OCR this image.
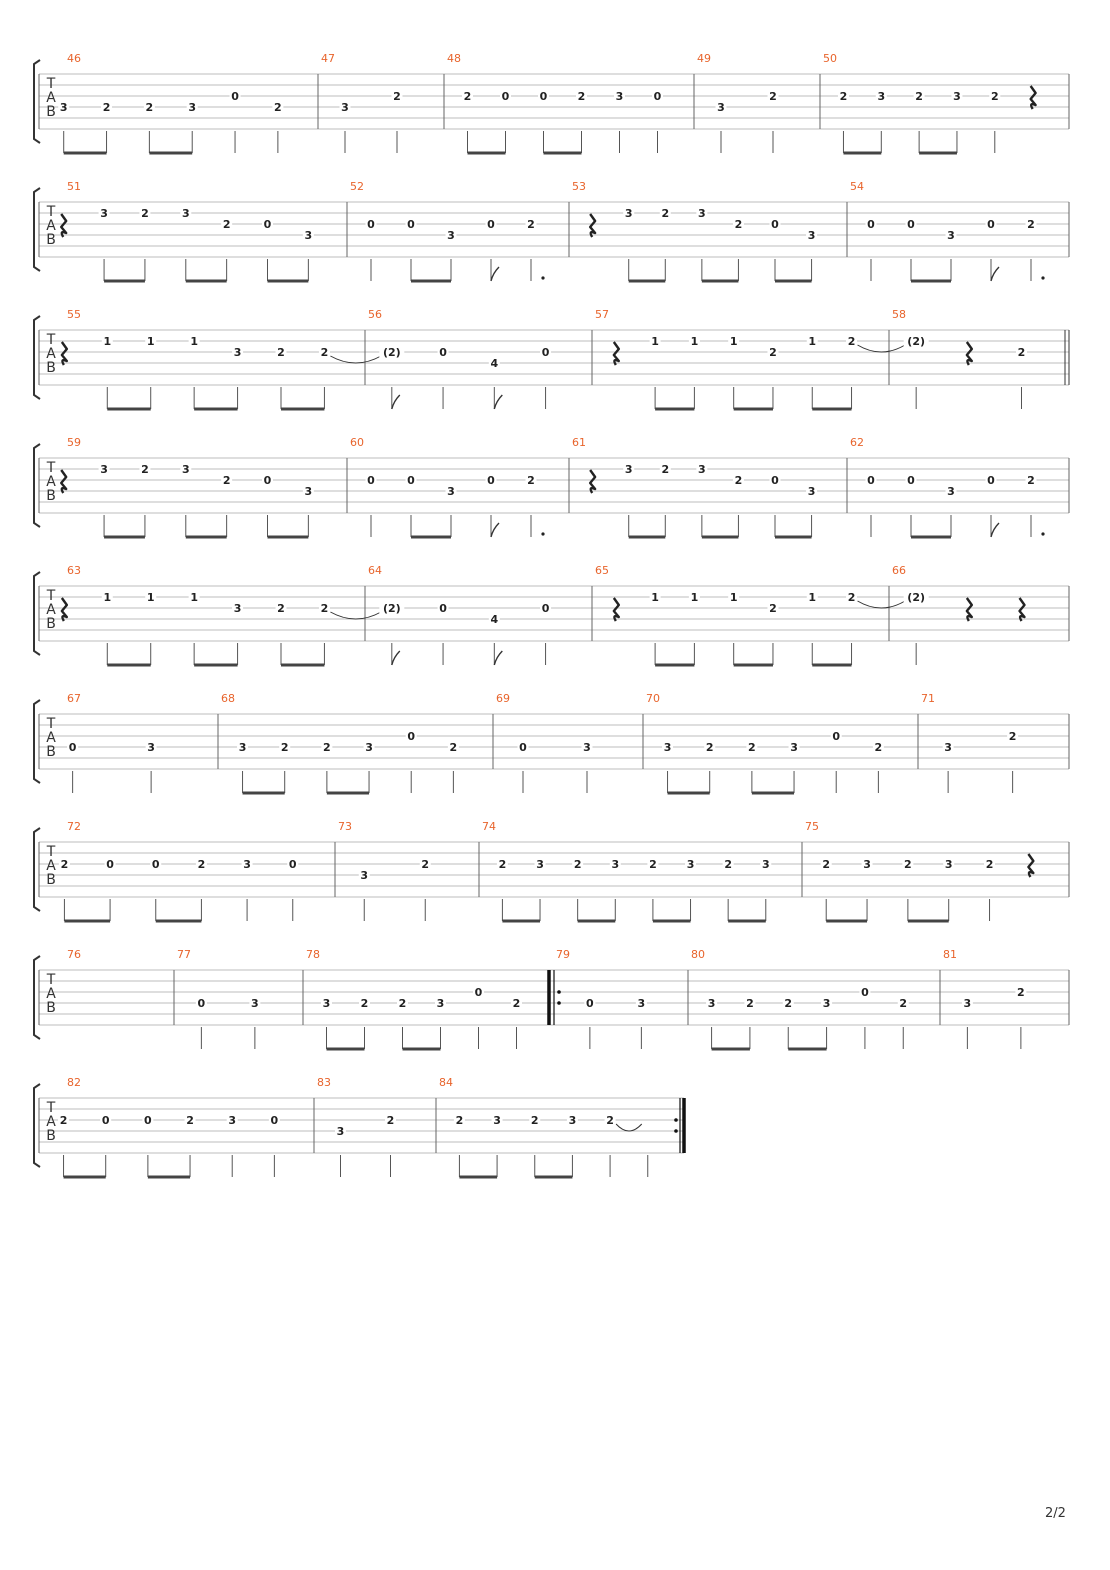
T
A
B
46
3	2	2	3
0
2
47
3
2
48
2	0	0	2	3	0
49
3
2
50
2	3	2	3	2
T
A
B
51
3	2	3
2	0
3
52
0	0
3
0	2
53
3	2	3
2	0
3
54
0	0
3
0	2
T
A
B
55
1	1	1
3	2	2
56
(2)	0
4
0
57
1	1	1
2
1	2
58
(2)
2
T
A
B
59
3	2	3
2	0
3
60
0	0
3
0	2
61
3	2	3
2	0
3
62
0	0
3
0	2
T
A
B
63
1	1	1
3	2	2
64
(2)	0
4
0
65
1	1	1
2
1	2
66
(2)
T
A
B
67
0	3
68
3	2	2	3
0
2
69
0	3
70
3	2	2	3
0
2
71
3
2
T
A
B
72
2	0	0	2	3	0
73
3
2
74
2	3	2	3	2	3	2	3
75
2	3	2	3	2
T
A
B
76	77
0	3
78
3	2	2	3
0
2
79
0	3
80
3	2	2	3
0
2
81
3
2
T
A
B
82
2	0	0	2	3	0
83
3
2
84
2	3	2	3	2
2/2
